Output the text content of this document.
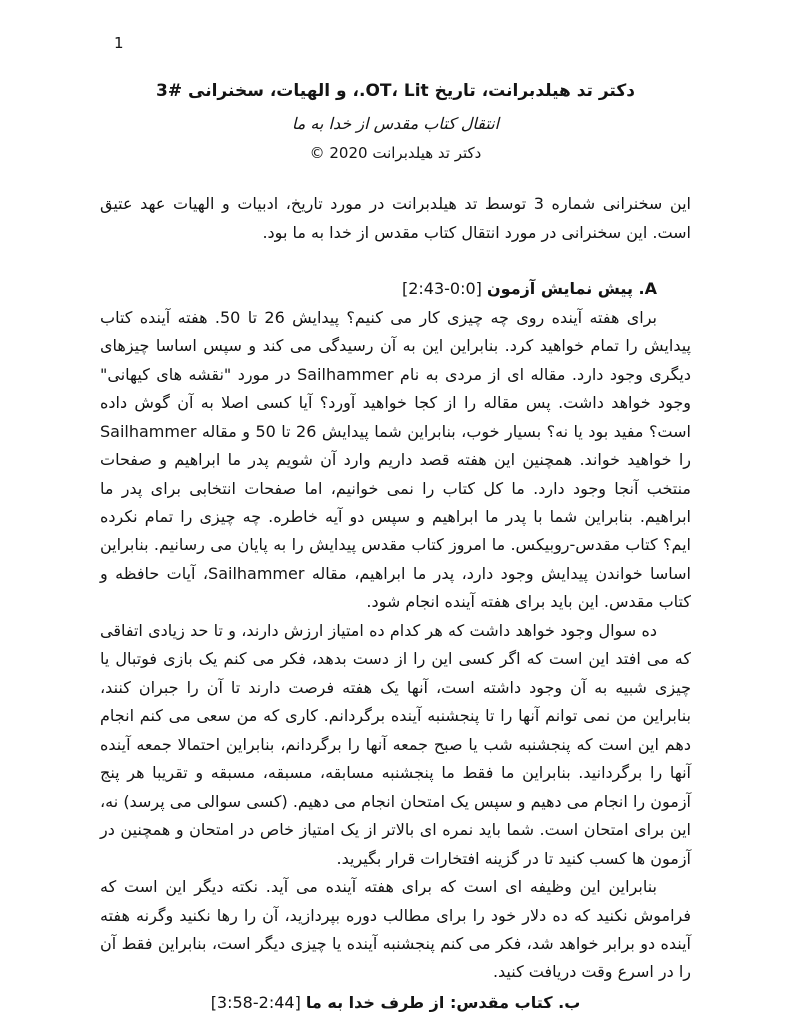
1
دکتر تد هیلدبرانت، تاریخ OT، Lit.، و الهیات، سخنرانی #3
انتقال کتاب مقدس از خدا به ما
© 2020 دکتر تد هیلدبرانت

این سخنرانی شماره 3 توسط تد هیلدبرانت در مورد تاریخ، ادبیات و الهیات عهد عتیق است. این سخنرانی در مورد انتقال کتاب مقدس از خدا به ما بود.

A. پیش نمایش آزمون [2:43-0:0]

برای هفته آینده روی چه چیزی کار می کنیم؟ پیدایش 26 تا 50. هفته آینده کتاب پیدایش را تمام خواهید کرد. بنابراین این به آن رسیدگی می کند و سپس اساسا چیزهای دیگری وجود دارد. مقاله ای از مردی به نام Sailhammer در مورد "نقشه های کیهانی" وجود خواهد داشت. پس مقاله را از کجا خواهید آورد؟ آیا کسی اصلا به آن گوش داده است؟ مفید بود یا نه؟ بسیار خوب، بنابراین شما پیدایش 26 تا 50 و مقاله Sailhammer را خواهید خواند. همچنین این هفته قصد داریم وارد آن شویم پدر ما ابراهیم و صفحات منتخب آنجا وجود دارد. ما کل کتاب را نمی خوانیم، اما صفحات انتخابی برای پدر ما ابراهیم. بنابراین شما با پدر ما ابراهیم و سپس دو آیه خاطره. چه چیزی را تمام نکرده ایم؟ کتاب مقدس-روبیکس. ما امروز کتاب مقدس پیدایش را به پایان می رسانیم. بنابراین اساسا خواندن پیدایش وجود دارد، پدر ما ابراهیم، مقاله Sailhammer، آیات حافظه و کتاب مقدس. این باید برای هفته آینده انجام شود.

ده سوال وجود خواهد داشت که هر کدام ده امتیاز ارزش دارند، و تا حد زیادی اتفاقی که می افتد این است که اگر کسی این را از دست بدهد، فکر می کنم یک بازی فوتبال یا چیزی شبیه به آن وجود داشته است، آنها یک هفته فرصت دارند تا آن را جبران کنند، بنابراین من نمی توانم آنها را تا پنجشنبه آینده برگردانم. کاری که من سعی می کنم انجام دهم این است که پنجشنبه شب یا صبح جمعه آنها را برگردانم، بنابراین احتمالا جمعه آینده آنها را برگردانید. بنابراین ما فقط ما پنجشنبه مسابقه، مسبقه، مسبقه و تقریبا هر پنج آزمون را انجام می دهیم و سپس یک امتحان انجام می دهیم. (کسی سوالی می پرسد) نه، این برای امتحان است. شما باید نمره ای بالاتر از یک امتیاز خاص در امتحان و همچنین در آزمون ها کسب کنید تا در گزینه افتخارات قرار بگیرید.

بنابراین این وظیفه ای است که برای هفته آینده می آید. نکته دیگر این است که فراموش نکنید که ده دلار خود را برای مطالب دوره بپردازید، آن را رها نکنید وگرنه هفته آینده دو برابر خواهد شد، فکر می کنم پنجشنبه آینده یا چیزی دیگر است، بنابراین فقط آن را در اسرع وقت دریافت کنید.

ب. کتاب مقدس: از طرف خدا به ما [3:58-2:44]
